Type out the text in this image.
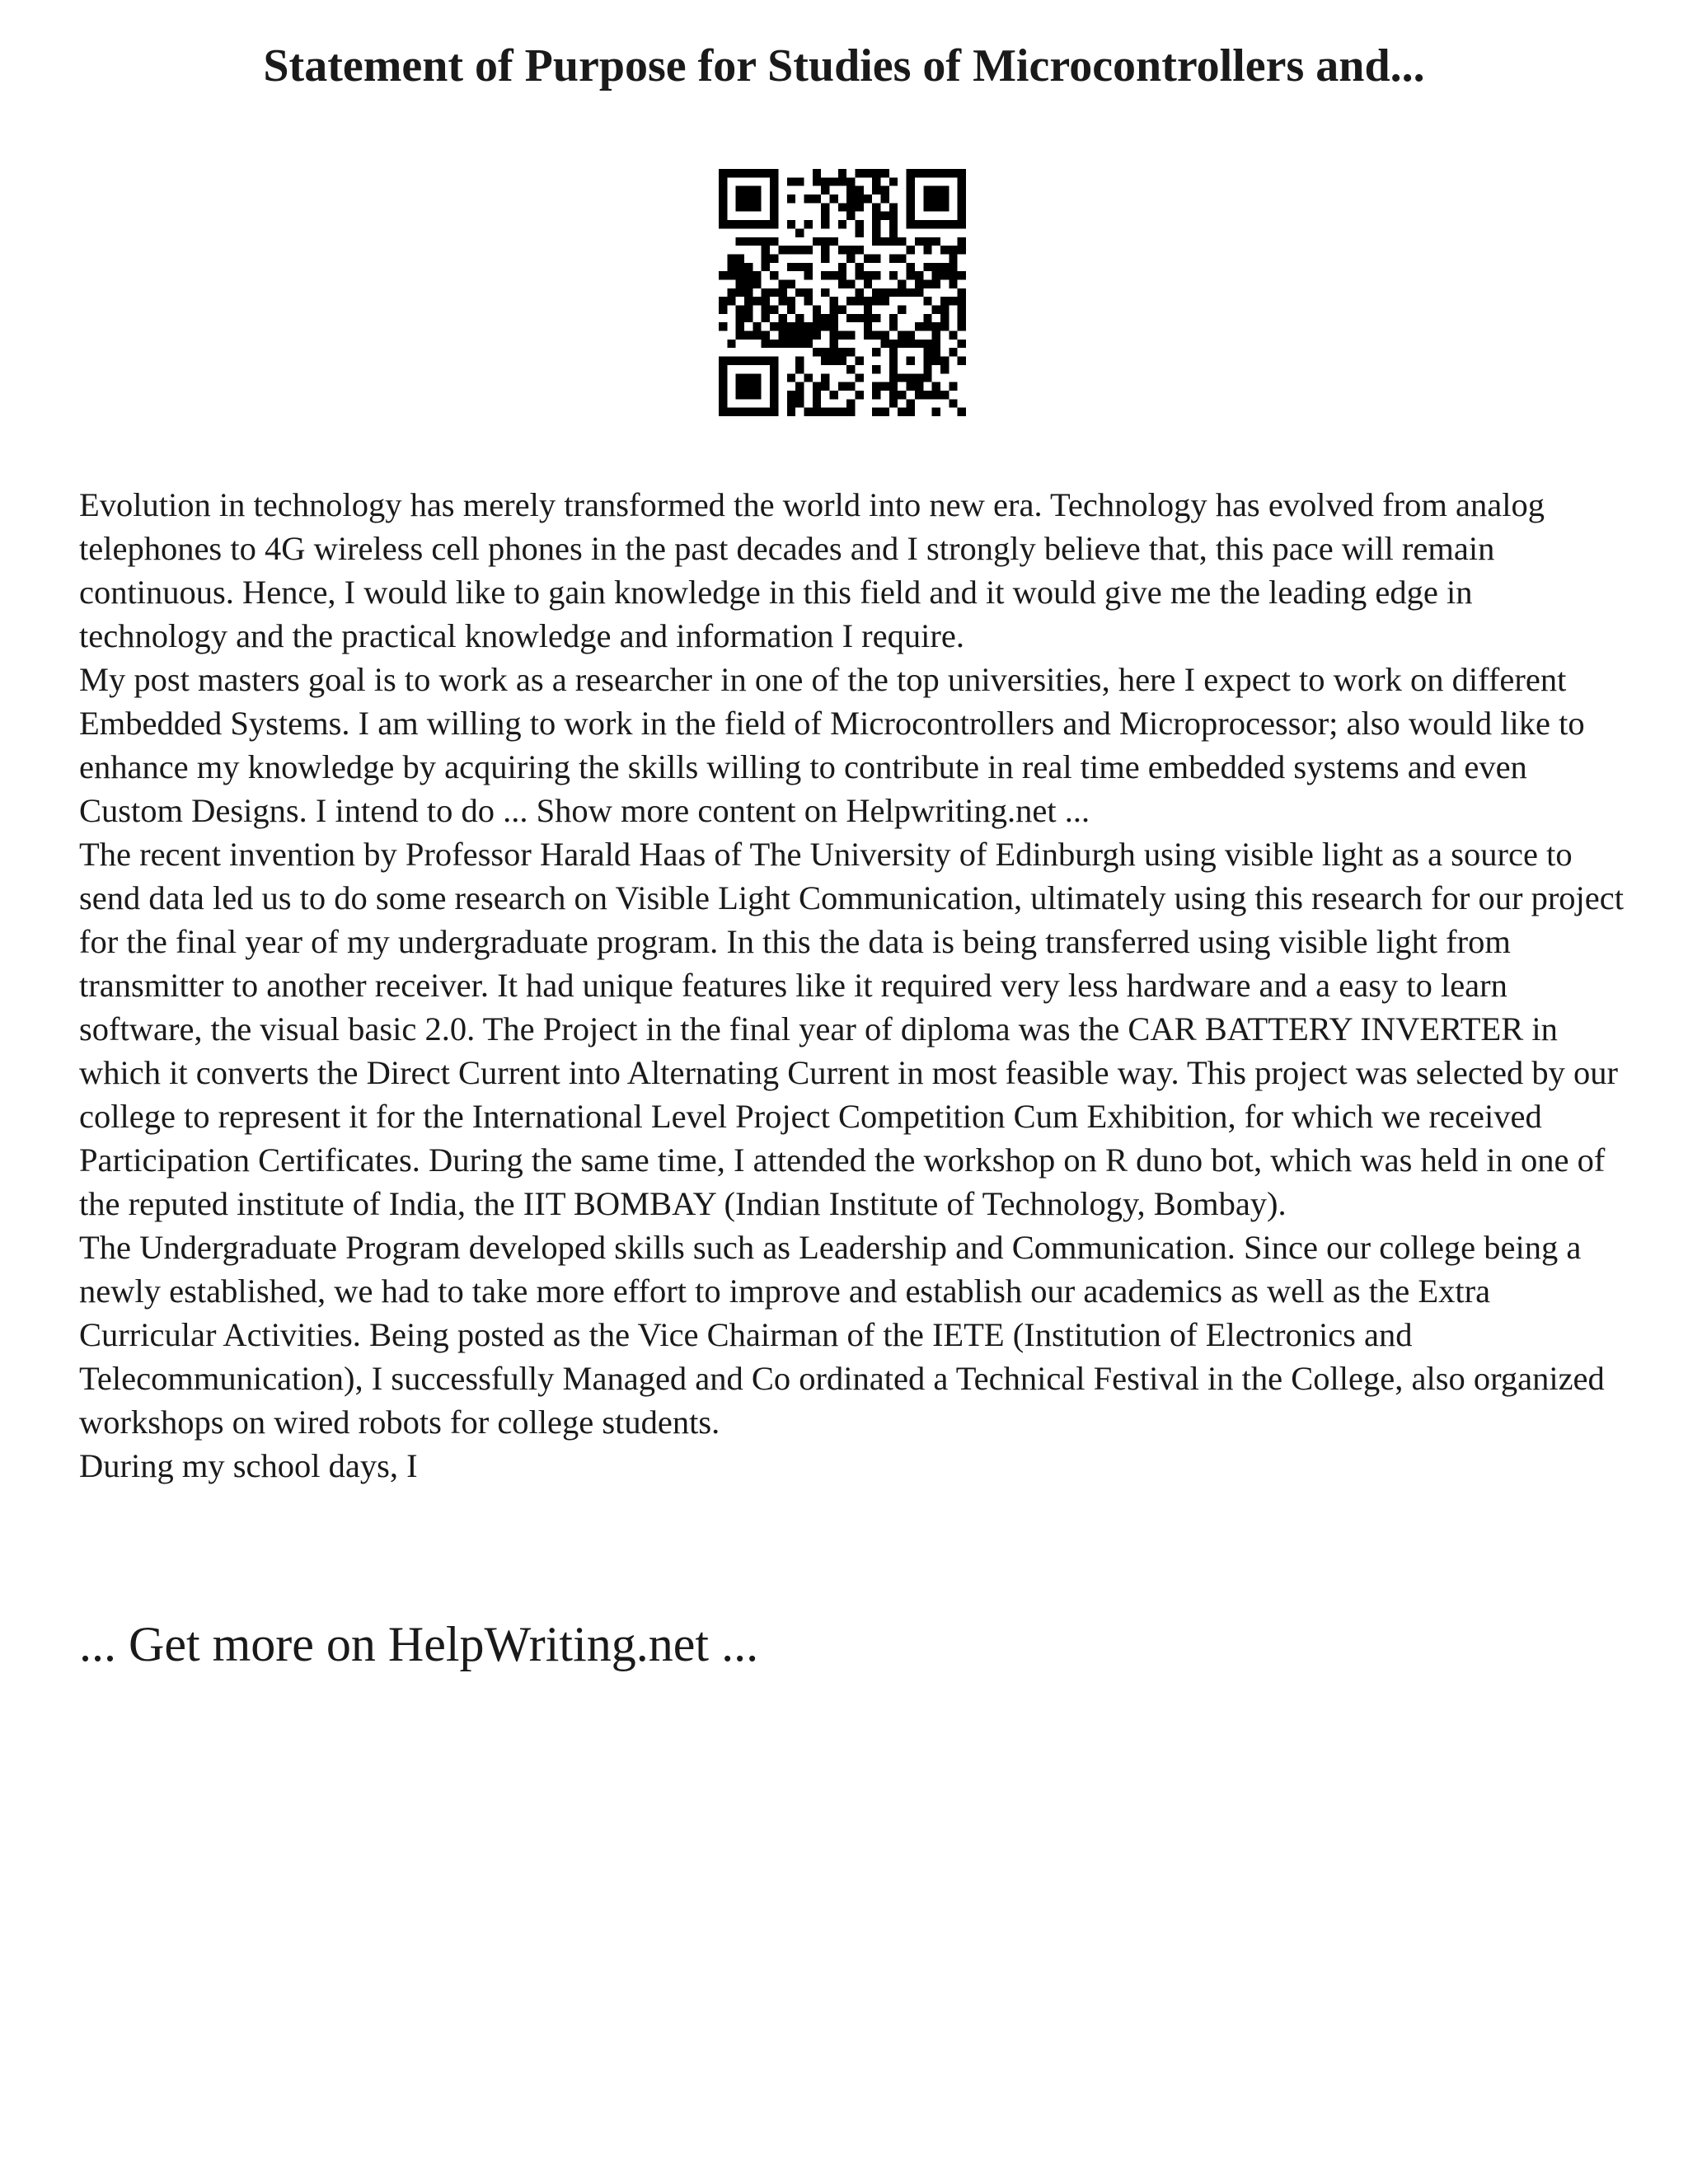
Statement of Purpose for Studies of Microcontrollers and...

Evolution in technology has merely transformed the world into new era. Technology has evolved from analog telephones to 4G wireless cell phones in the past decades and I strongly believe that, this pace will remain continuous. Hence, I would like to gain knowledge in this field and it would give me the leading edge in technology and the practical knowledge and information I require.

My post masters goal is to work as a researcher in one of the top universities, here I expect to work on different Embedded Systems. I am willing to work in the field of Microcontrollers and Microprocessor; also would like to enhance my knowledge by acquiring the skills willing to contribute in real time embedded systems and even Custom Designs. I intend to do ... Show more content on Helpwriting.net ...

The recent invention by Professor Harald Haas of The University of Edinburgh using visible light as a source to send data led us to do some research on Visible Light Communication, ultimately using this research for our project for the final year of my undergraduate program. In this the data is being transferred using visible light from transmitter to another receiver. It had unique features like it required very less hardware and a easy to learn software, the visual basic 2.0. The Project in the final year of diploma was the CAR BATTERY INVERTER in which it converts the Direct Current into Alternating Current in most feasible way. This project was selected by our college to represent it for the International Level Project Competition Cum Exhibition, for which we received Participation Certificates. During the same time, I attended the workshop on R duno bot, which was held in one of the reputed institute of India, the IIT BOMBAY (Indian Institute of Technology, Bombay).

The Undergraduate Program developed skills such as Leadership and Communication. Since our college being a newly established, we had to take more effort to improve and establish our academics as well as the Extra Curricular Activities. Being posted as the Vice Chairman of the IETE (Institution of Electronics and Telecommunication), I successfully Managed and Co ordinated a Technical Festival in the College, also organized workshops on wired robots for college students.

During my school days, I

... Get more on HelpWriting.net ...
